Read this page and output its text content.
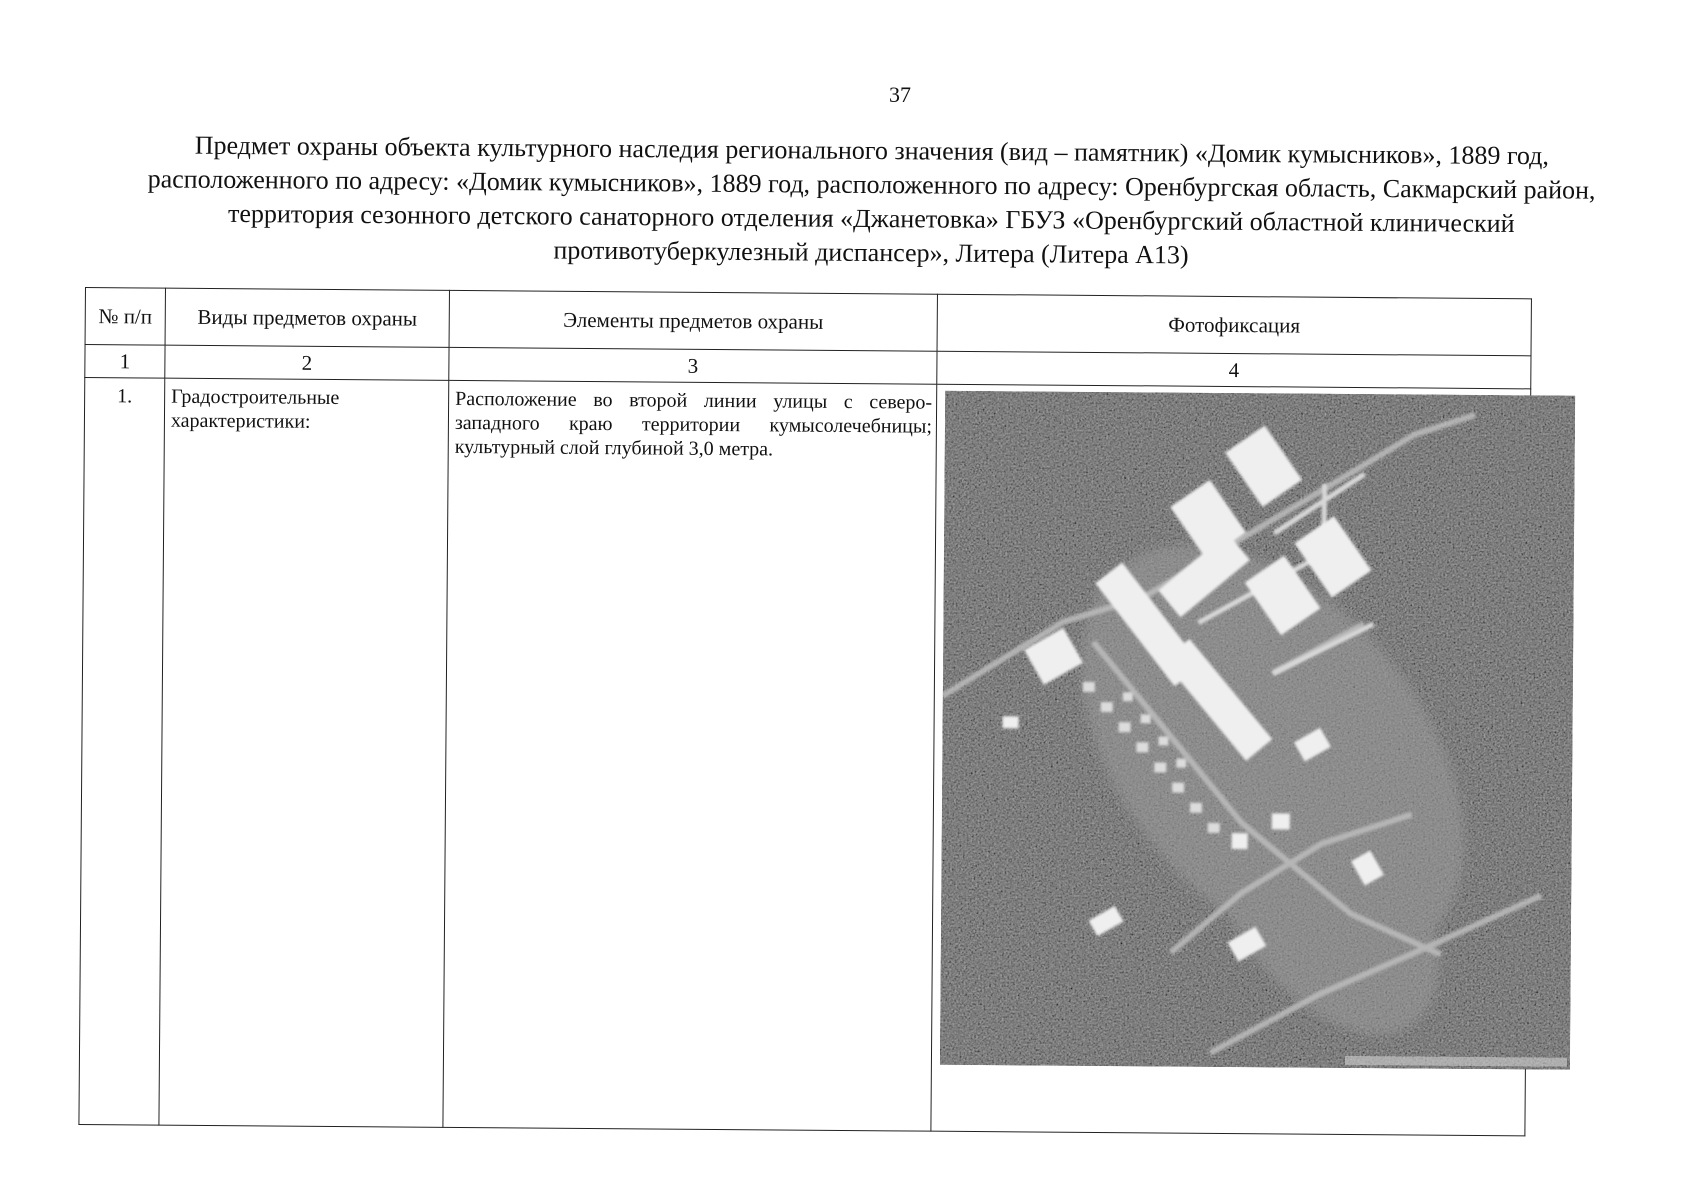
37
Предмет охраны объекта культурного наследия регионального значения (вид – памятник) «Домик кумысников», 1889 год, расположенного по адресу: «Домик кумысников», 1889 год, расположенного по адресу: Оренбургская область, Сакмарский район, территория сезонного детского санаторного отделения «Джанетовка» ГБУЗ «Оренбургский областной клинический противотуберкулезный диспансер», Литера (Литера А13)
№ п/п	Виды предметов охраны	Элементы предметов охраны	Фотофиксация
1	2	3	4
1.	Градостроительные характеристики:	Расположение во второй линии улицы с северо-западного краю территории кумысолечебницы; культурный слой глубиной 3,0 метра.	
